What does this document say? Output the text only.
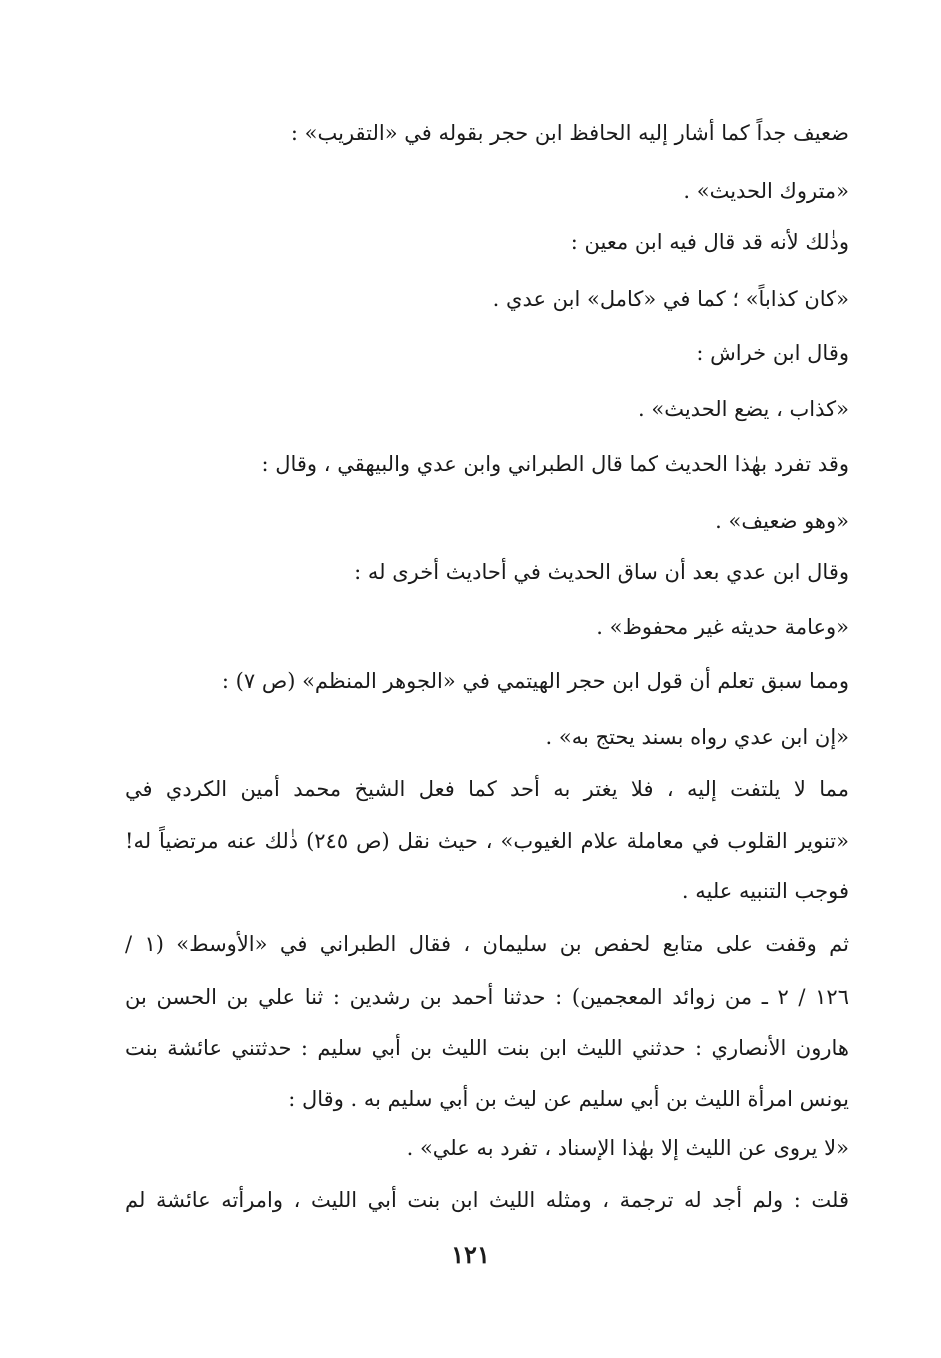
ضعيف جداً كما أشار إليه الحافظ ابن حجر بقوله في «التقريب» :
«متروك الحديث» .
وذٰلك لأنه قد قال فيه ابن معين :
«كان كذاباً» ؛ كما في «كامل» ابن عدي .
وقال ابن خراش :
«كذاب ، يضع الحديث» .
وقد تفرد بهٰذا الحديث كما قال الطبراني وابن عدي والبيهقي ، وقال :
«وهو ضعيف» .
وقال ابن عدي بعد أن ساق الحديث في أحاديث أخرى له :
«وعامة حديثه غير محفوظ» .
ومما سبق تعلم أن قول ابن حجر الهيتمي في «الجوهر المنظم» (ص ٧) :
«إن ابن عدي رواه بسند يحتج به» .
مما لا يلتفت إليه ، فلا يغتر به أحد كما فعل الشيخ محمد أمين الكردي في
«تنوير القلوب في معاملة علام الغيوب» ، حيث نقل (ص ٢٤٥) ذٰلك عنه مرتضياً له!
فوجب التنبيه عليه .
ثم وقفت على متابع لحفص بن سليمان ، فقال الطبراني في «الأوسط» (١ /
١٢٦ / ٢ ـ من زوائد المعجمين) : حدثنا أحمد بن رشدين : ثنا علي بن الحسن بن
هارون الأنصاري : حدثني الليث ابن بنت الليث بن أبي سليم : حدثتني عائشة بنت
يونس امرأة الليث بن أبي سليم عن ليث بن أبي سليم به . وقال :
«لا يروى عن الليث إلا بهٰذا الإسناد ، تفرد به علي» .
قلت : ولم أجد له ترجمة ، ومثله الليث ابن بنت أبي الليث ، وامرأته عائشة لم
١٢١
